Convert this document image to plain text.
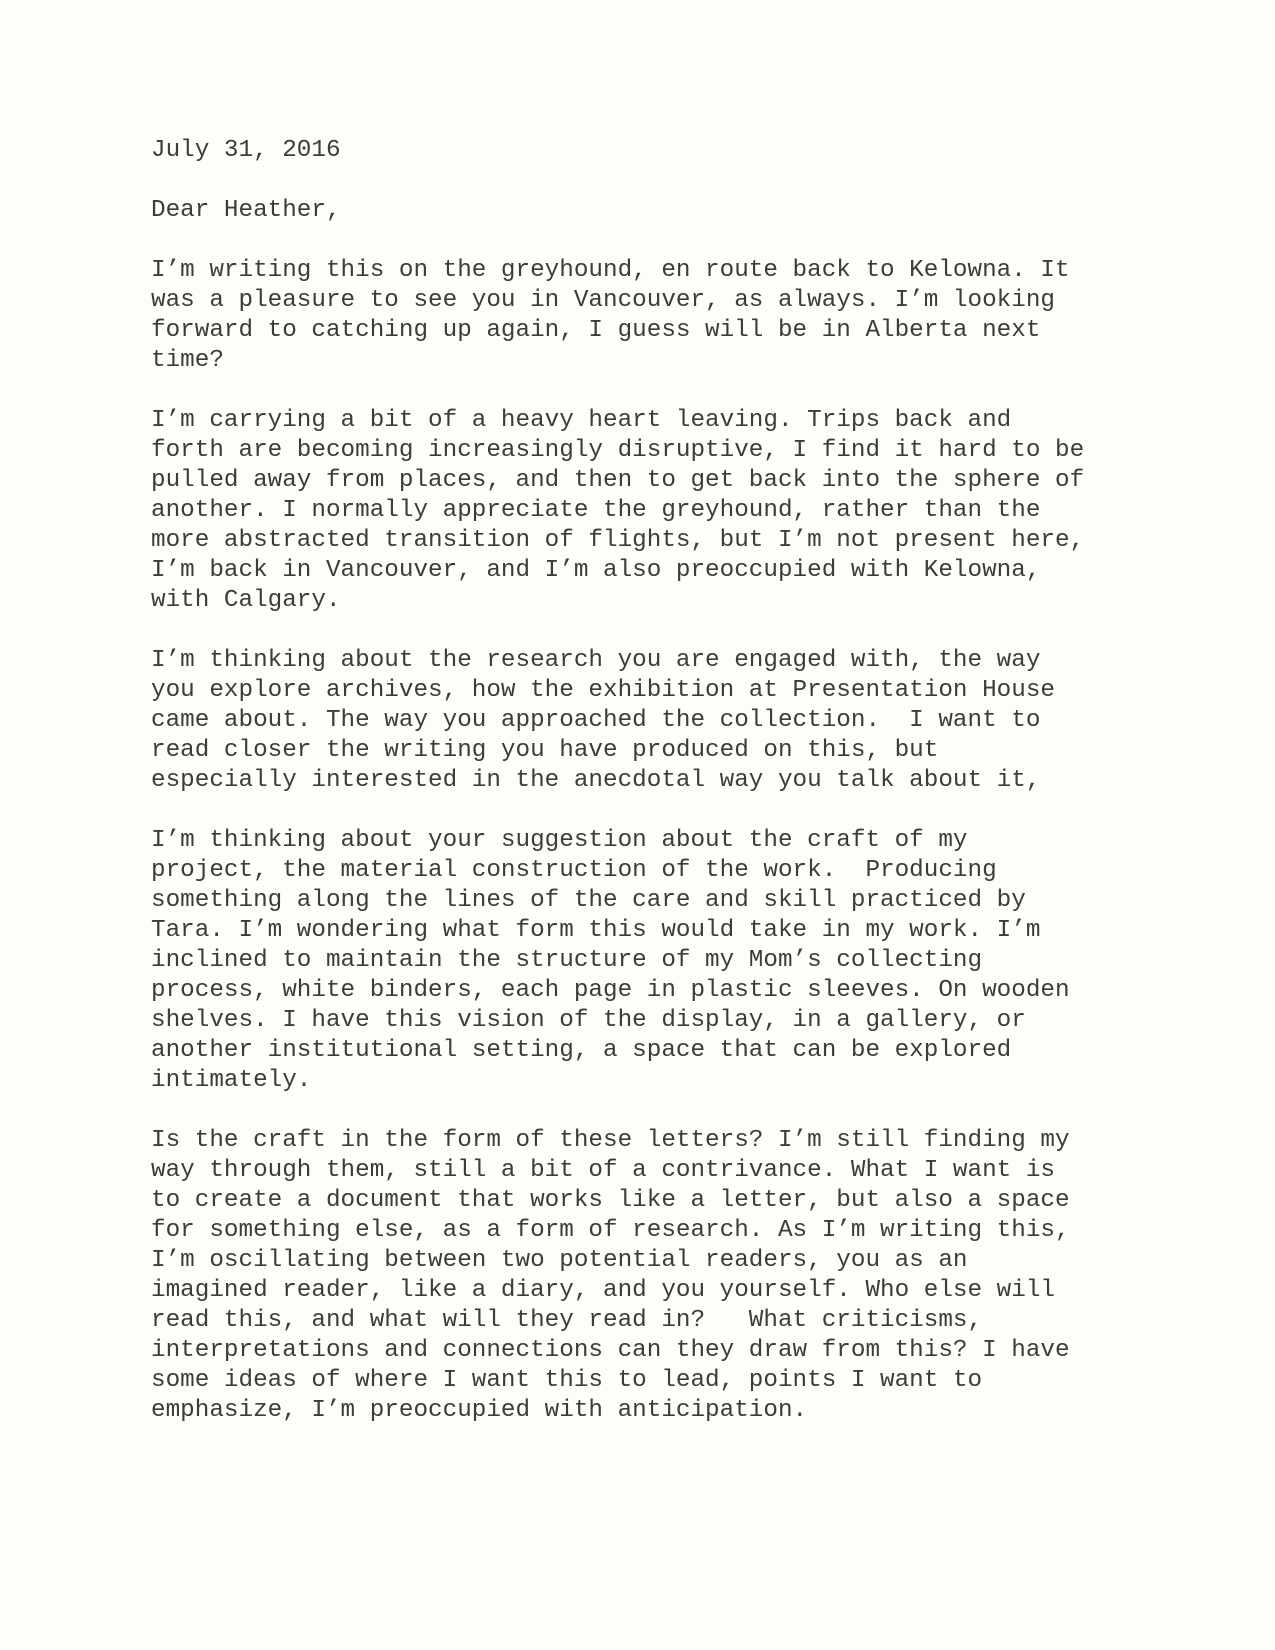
July 31, 2016
Dear Heather,
I’m writing this on the greyhound, en route back to Kelowna. It
was a pleasure to see you in Vancouver, as always. I’m looking
forward to catching up again, I guess will be in Alberta next
time?
I’m carrying a bit of a heavy heart leaving. Trips back and
forth are becoming increasingly disruptive, I find it hard to be
pulled away from places, and then to get back into the sphere of
another. I normally appreciate the greyhound, rather than the
more abstracted transition of flights, but I’m not present here,
I’m back in Vancouver, and I’m also preoccupied with Kelowna,
with Calgary.
I’m thinking about the research you are engaged with, the way
you explore archives, how the exhibition at Presentation House
came about. The way you approached the collection.  I want to
read closer the writing you have produced on this, but
especially interested in the anecdotal way you talk about it,
I’m thinking about your suggestion about the craft of my
project, the material construction of the work.  Producing
something along the lines of the care and skill practiced by
Tara. I’m wondering what form this would take in my work. I’m
inclined to maintain the structure of my Mom’s collecting
process, white binders, each page in plastic sleeves. On wooden
shelves. I have this vision of the display, in a gallery, or
another institutional setting, a space that can be explored
intimately.
Is the craft in the form of these letters? I’m still finding my
way through them, still a bit of a contrivance. What I want is
to create a document that works like a letter, but also a space
for something else, as a form of research. As I’m writing this,
I’m oscillating between two potential readers, you as an
imagined reader, like a diary, and you yourself. Who else will
read this, and what will they read in?   What criticisms,
interpretations and connections can they draw from this? I have
some ideas of where I want this to lead, points I want to
emphasize, I’m preoccupied with anticipation.
